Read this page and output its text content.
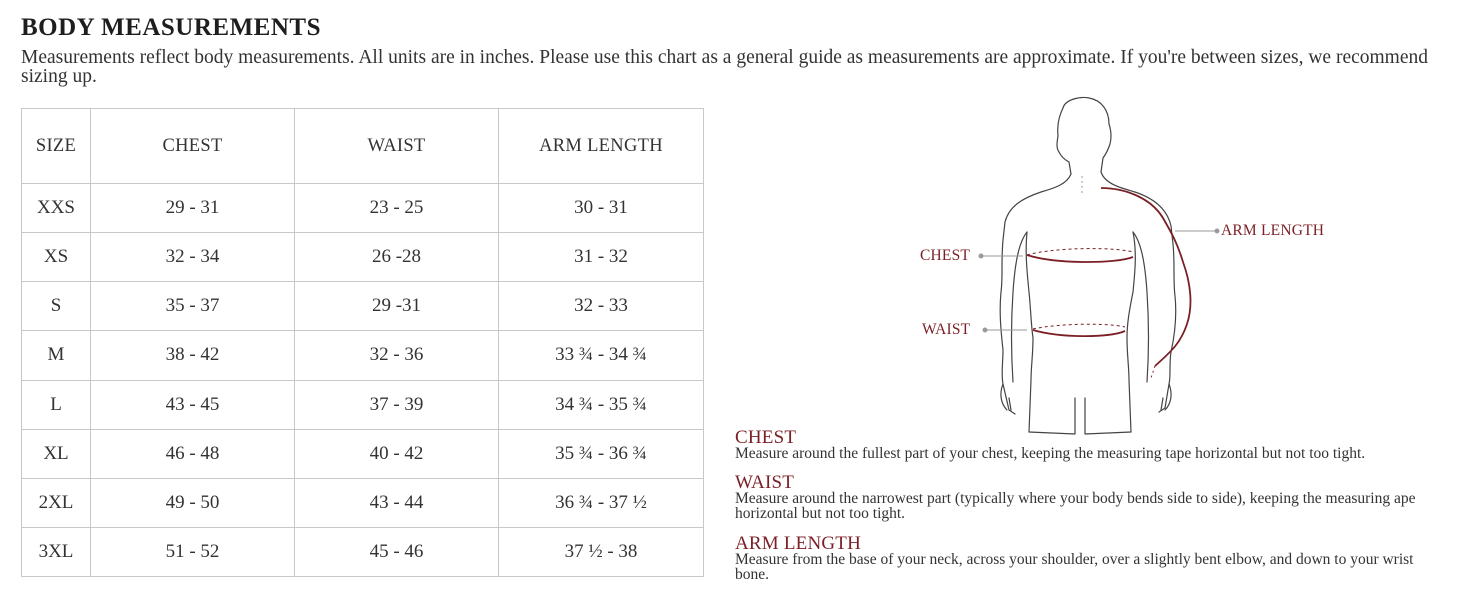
BODY MEASUREMENTS

Measurements reflect body measurements. All units are in inches. Please use this chart as a general guide as measurements are approximate. If you're between sizes, we recommend sizing up.

SIZE	CHEST	WAIST	ARM LENGTH
XXS	29 - 31	23 - 25	30 - 31
XS	32 - 34	26 -28	31 - 32
S	35 - 37	29 -31	32 - 33
M	38 - 42	32 - 36	33 ¾ - 34 ¾
L	43 - 45	37 - 39	34 ¾ - 35 ¾
XL	46 - 48	40 - 42	35 ¾ - 36 ¾
2XL	49 - 50	43 - 44	36 ¾ - 37 ½
3XL	51 - 52	45 - 46	37 ½ - 38
CHEST
WAIST
ARM LENGTH
CHEST

Measure around the fullest part of your chest, keeping the measuring tape horizontal but not too tight.

WAIST

Measure around the narrowest part (typically where your body bends side to side), keeping the measuring ape horizontal but not too tight.

ARM LENGTH

Measure from the base of your neck, across your shoulder, over a slightly bent elbow, and down to your wrist bone.
